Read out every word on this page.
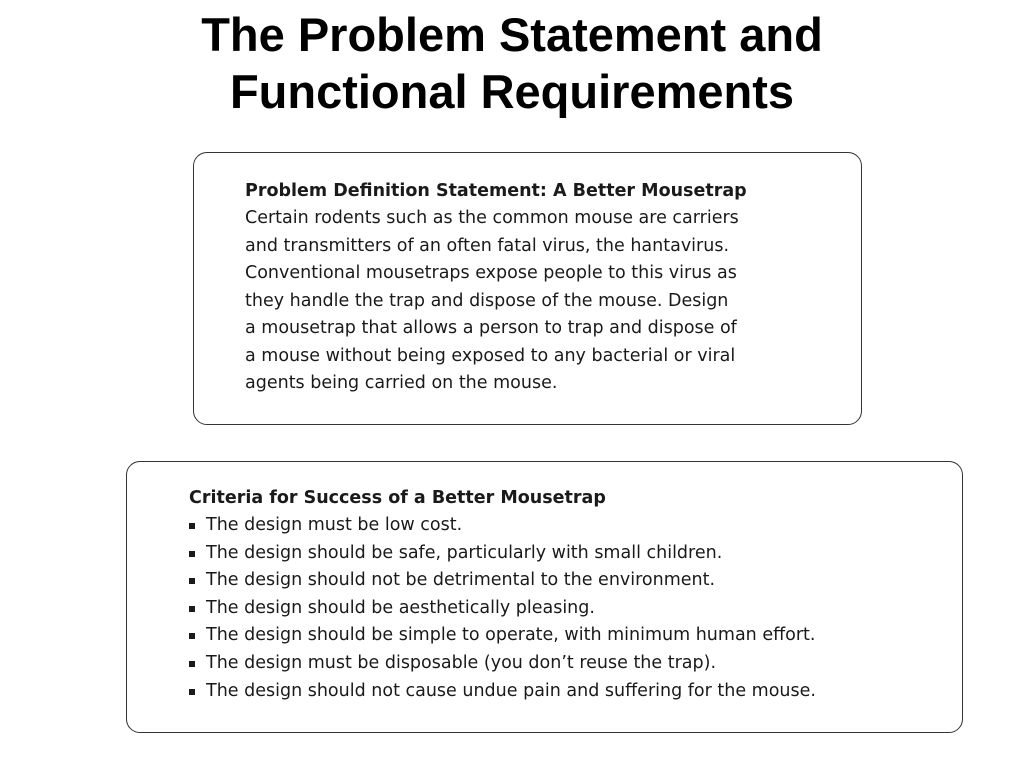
The Problem Statement and
Functional Requirements
Problem Definition Statement: A Better Mousetrap

Certain rodents such as the common mouse are carriers

and transmitters of an often fatal virus, the hantavirus.

Conventional mousetraps expose people to this virus as

they handle the trap and dispose of the mouse. Design

a mousetrap that allows a person to trap and dispose of

a mouse without being exposed to any bacterial or viral

agents being carried on the mouse.

Criteria for Success of a Better Mousetrap
The design must be low cost.
The design should be safe, particularly with small children.
The design should not be detrimental to the environment.
The design should be aesthetically pleasing.
The design should be simple to operate, with minimum human effort.
The design must be disposable (you don’t reuse the trap).
The design should not cause undue pain and suffering for the mouse.
